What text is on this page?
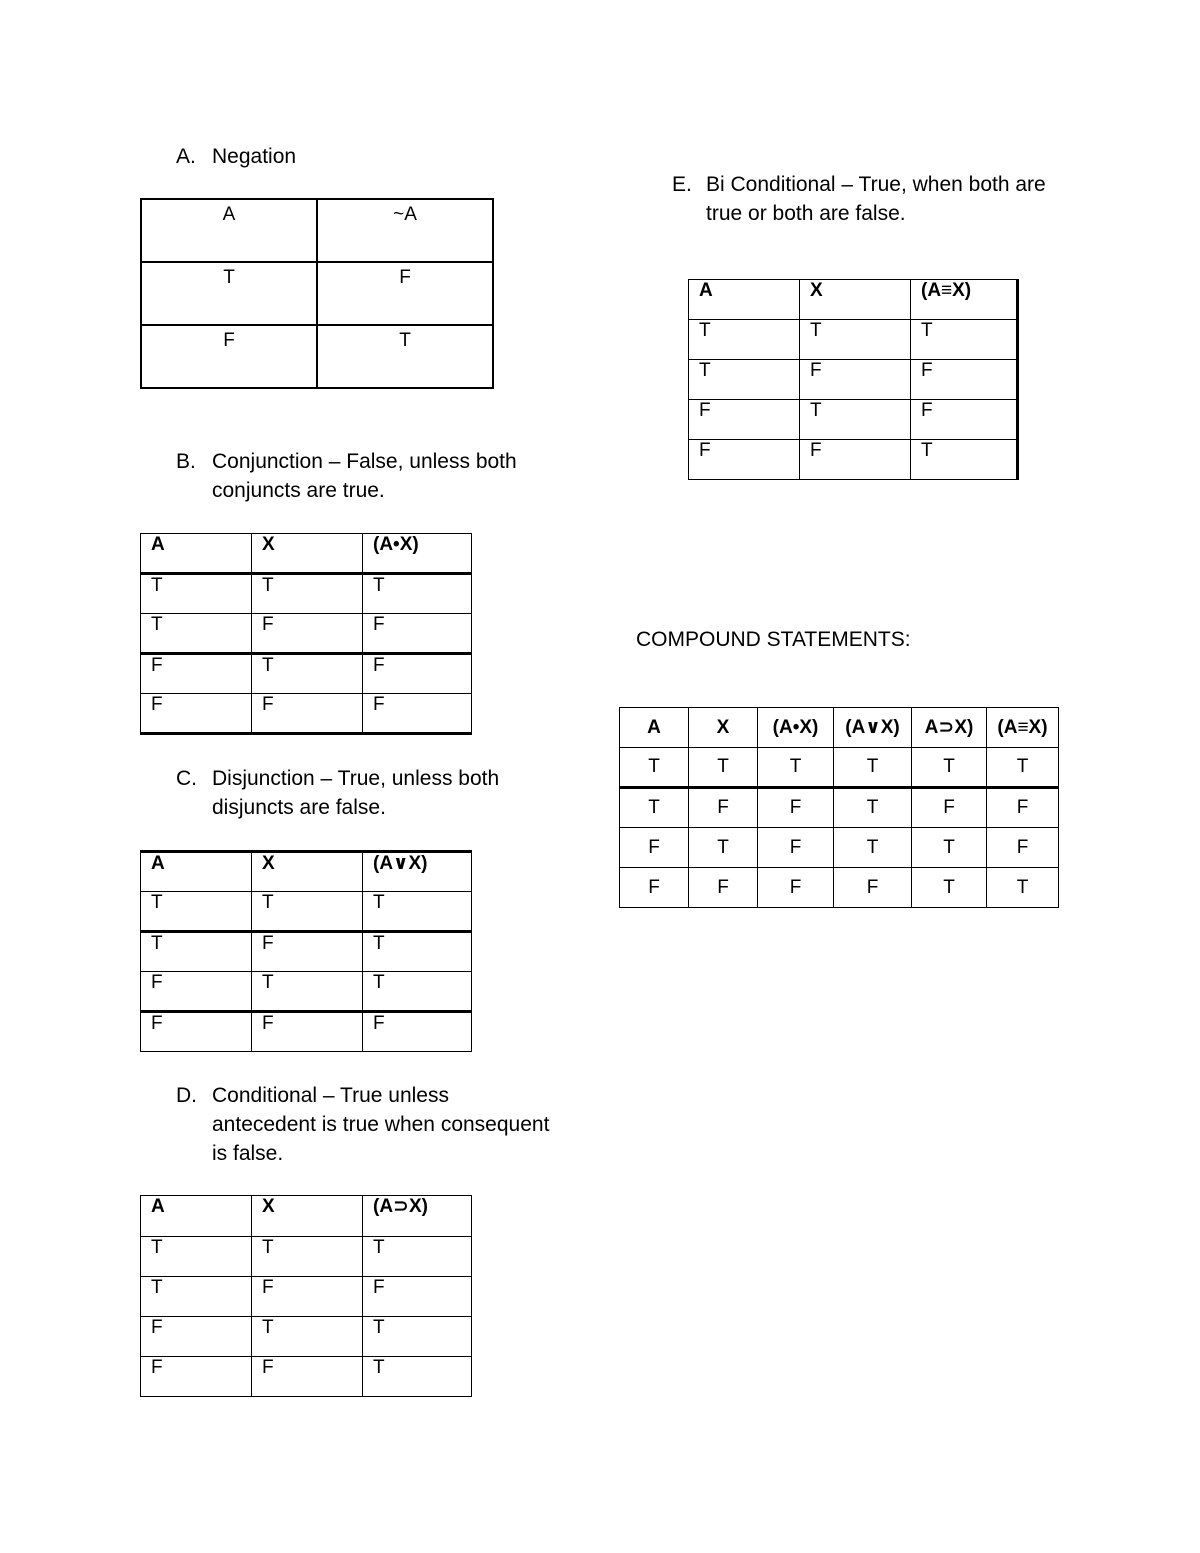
A. Negation
A	~A
T	F
F	T
B. Conjunction – False, unless both
conjuncts are true.
A	X	(A•X)
T	T	T
T	F	F
F	T	F
F	F	F
C. Disjunction – True, unless both
disjuncts are false.
A	X	(A∨X)
T	T	T
T	F	T
F	T	T
F	F	F
D. Conditional – True unless
antecedent is true when consequent
is false.
A	X	(A⊃X)
T	T	T
T	F	F
F	T	T
F	F	T
E. Bi Conditional – True, when both are
true or both are false.
A	X	(A≡X)
T	T	T
T	F	F
F	T	F
F	F	T
COMPOUND STATEMENTS:
A	X	(A•X)	(A∨X)	A⊃X)	(A≡X)
T	T	T	T	T	T
T	F	F	T	F	F
F	T	F	T	T	F
F	F	F	F	T	T
